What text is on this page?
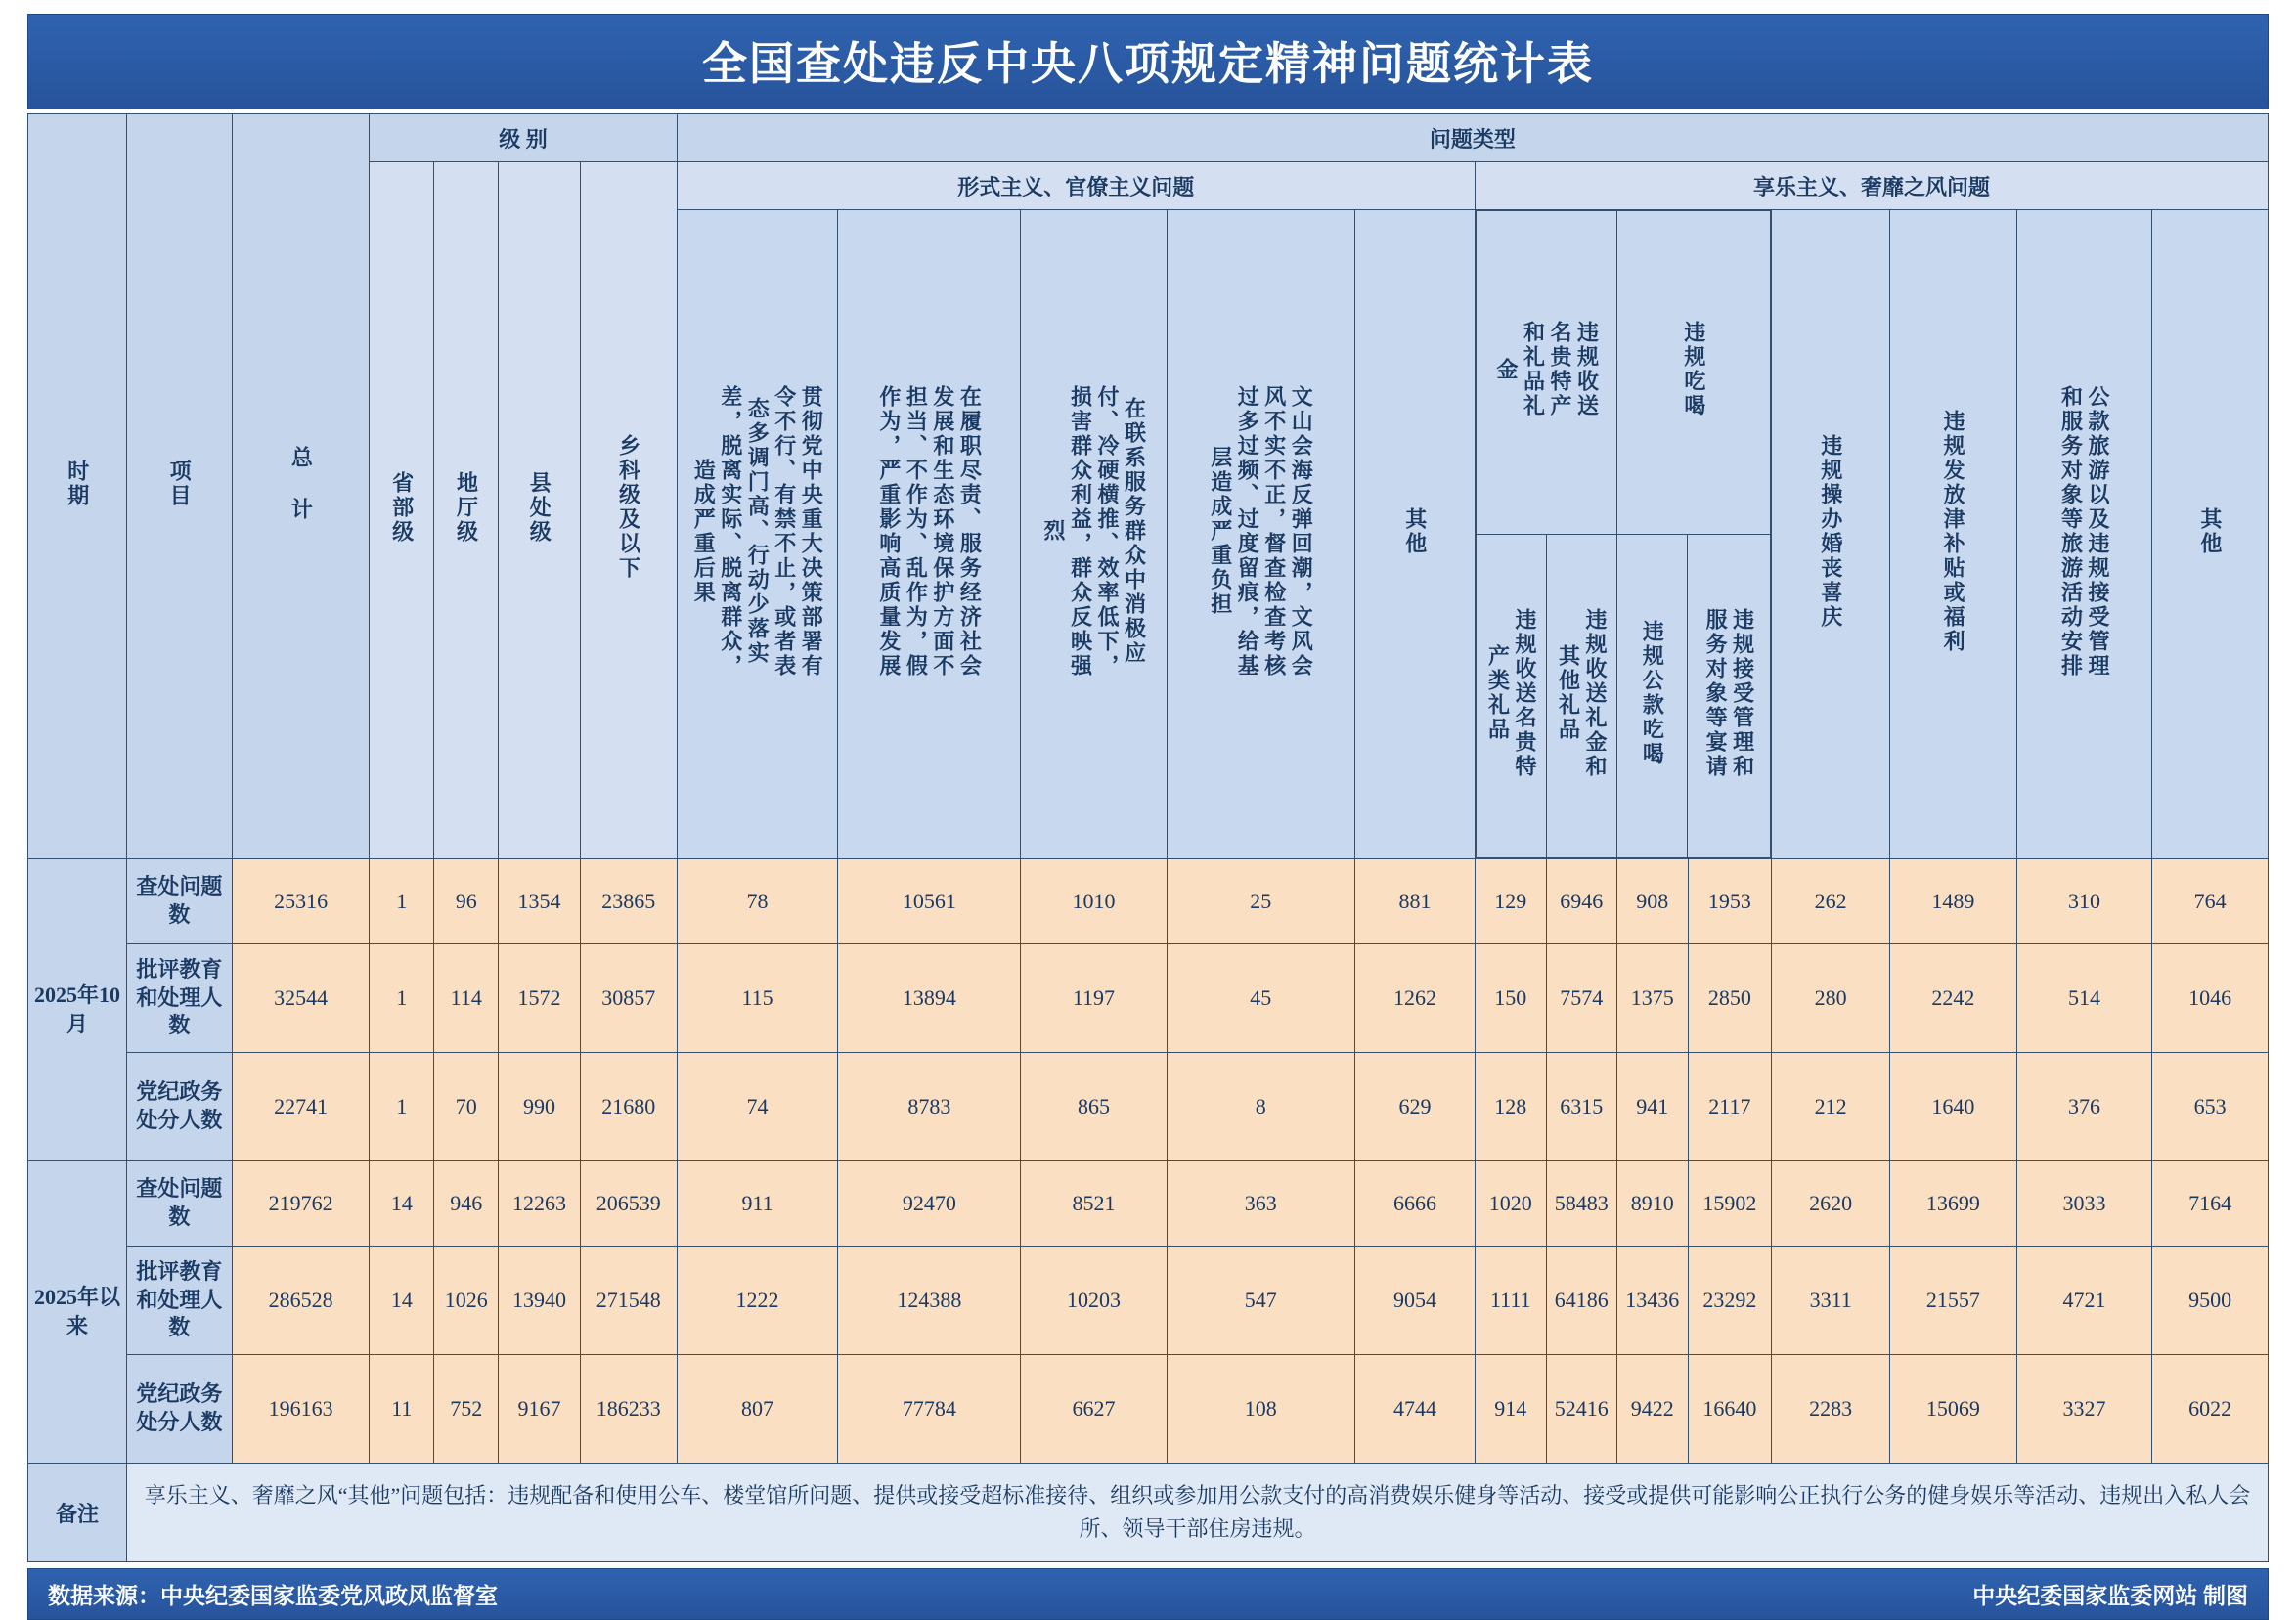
全国查处违反中央八项规定精神问题统计表
时期	项目	总 计	级 别	问题类型
省部级	地厅级	县处级	乡科级及以下	形式主义、官僚主义问题	享乐主义、奢靡之风问题
贯彻党中央重大决策部署有令不行、有禁不止，或者表态多调门高、行动少落实差，脱离实际、脱离群众，造成严重后果	在履职尽责、服务经济社会发展和生态环境保护方面不担当、不作为、乱作为，假作为，严重影响高质量发展	在联系服务群众中消极应付、冷硬横推、效率低下，损害群众利益，群众反映强烈	文山会海反弹回潮，文风会风不实不正，督查检查考核过多过频、过度留痕，给基层造成严重负担	其他	
违规收送名贵特产和礼品礼金	违规吃喝
违规收送名贵特产类礼品	违规收送礼金和其他礼品	违规公款吃喝	违规接受管理和服务对象等宴请
	违规操办婚丧喜庆	违规发放津补贴或福利	公款旅游以及违规接受管理和服务对象等旅游活动安排	其他
2025年10月	查处问题数	25316	1	96	1354	23865	78	10561	1010	25	881	129	6946	908	1953	262	1489	310	764
批评教育和处理人数	32544	1	114	1572	30857	115	13894	1197	45	1262	150	7574	1375	2850	280	2242	514	1046
党纪政务处分人数	22741	1	70	990	21680	74	8783	865	8	629	128	6315	941	2117	212	1640	376	653
2025年以来	查处问题数	219762	14	946	12263	206539	911	92470	8521	363	6666	1020	58483	8910	15902	2620	13699	3033	7164
批评教育和处理人数	286528	14	1026	13940	271548	1222	124388	10203	547	9054	1111	64186	13436	23292	3311	21557	4721	9500
党纪政务处分人数	196163	11	752	9167	186233	807	77784	6627	108	4744	914	52416	9422	16640	2283	15069	3327	6022
备注	享乐主义、奢靡之风“其他”问题包括：违规配备和使用公车、楼堂馆所问题、提供或接受超标准接待、组织或参加用公款支付的高消费娱乐健身等活动、接受或提供可能影响公正执行公务的健身娱乐等活动、违规出入私人会所、领导干部住房违规。
数据来源：中央纪委国家监委党风政风监督室	中央纪委国家监委网站 制图
